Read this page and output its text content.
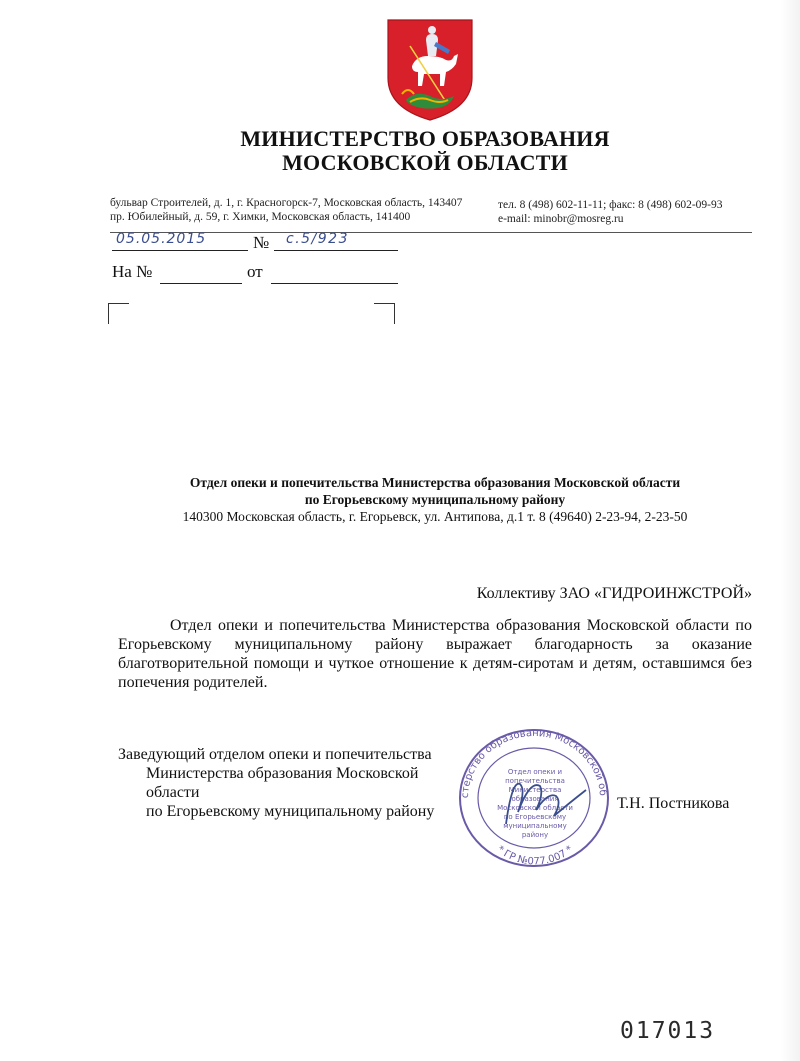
МИНИСТЕРСТВО ОБРАЗОВАНИЯ
МОСКОВСКОЙ ОБЛАСТИ
бульвар Строителей, д. 1, г. Красногорск-7, Московская область, 143407
пр. Юбилейный, д. 59, г. Химки, Московская область, 141400
тел. 8 (498) 602-11-11; факс: 8 (498) 602-09-93
e-mail: minobr@mosreg.ru
05.05.2015	№	с.5/923
На №	от
Отдел опеки и попечительства Министерства образования Московской области
по Егорьевскому муниципальному району
140300 Московская область, г. Егорьевск, ул. Антипова, д.1 т. 8 (49640) 2-23-94, 2-23-50
Коллективу ЗАО «ГИДРОИНЖСТРОЙ»
Отдел опеки и попечительства Министерства образования Московской области по Егорьевскому муниципальному району выражает благодарность за оказание благотворительной помощи и чуткое отношение к детям-сиротам и детям, оставшимся без попечения родителей.
Заведующий отделом опеки и попечительства
Министерства образования Московской области
по Егорьевскому муниципальному району	Т.Н. Постникова
стерство образования Московской об
* ГР №077.007 *
Отдел опеки и попечительства Министерства образования Московской области по Егорьевскому муниципальному району
017013
